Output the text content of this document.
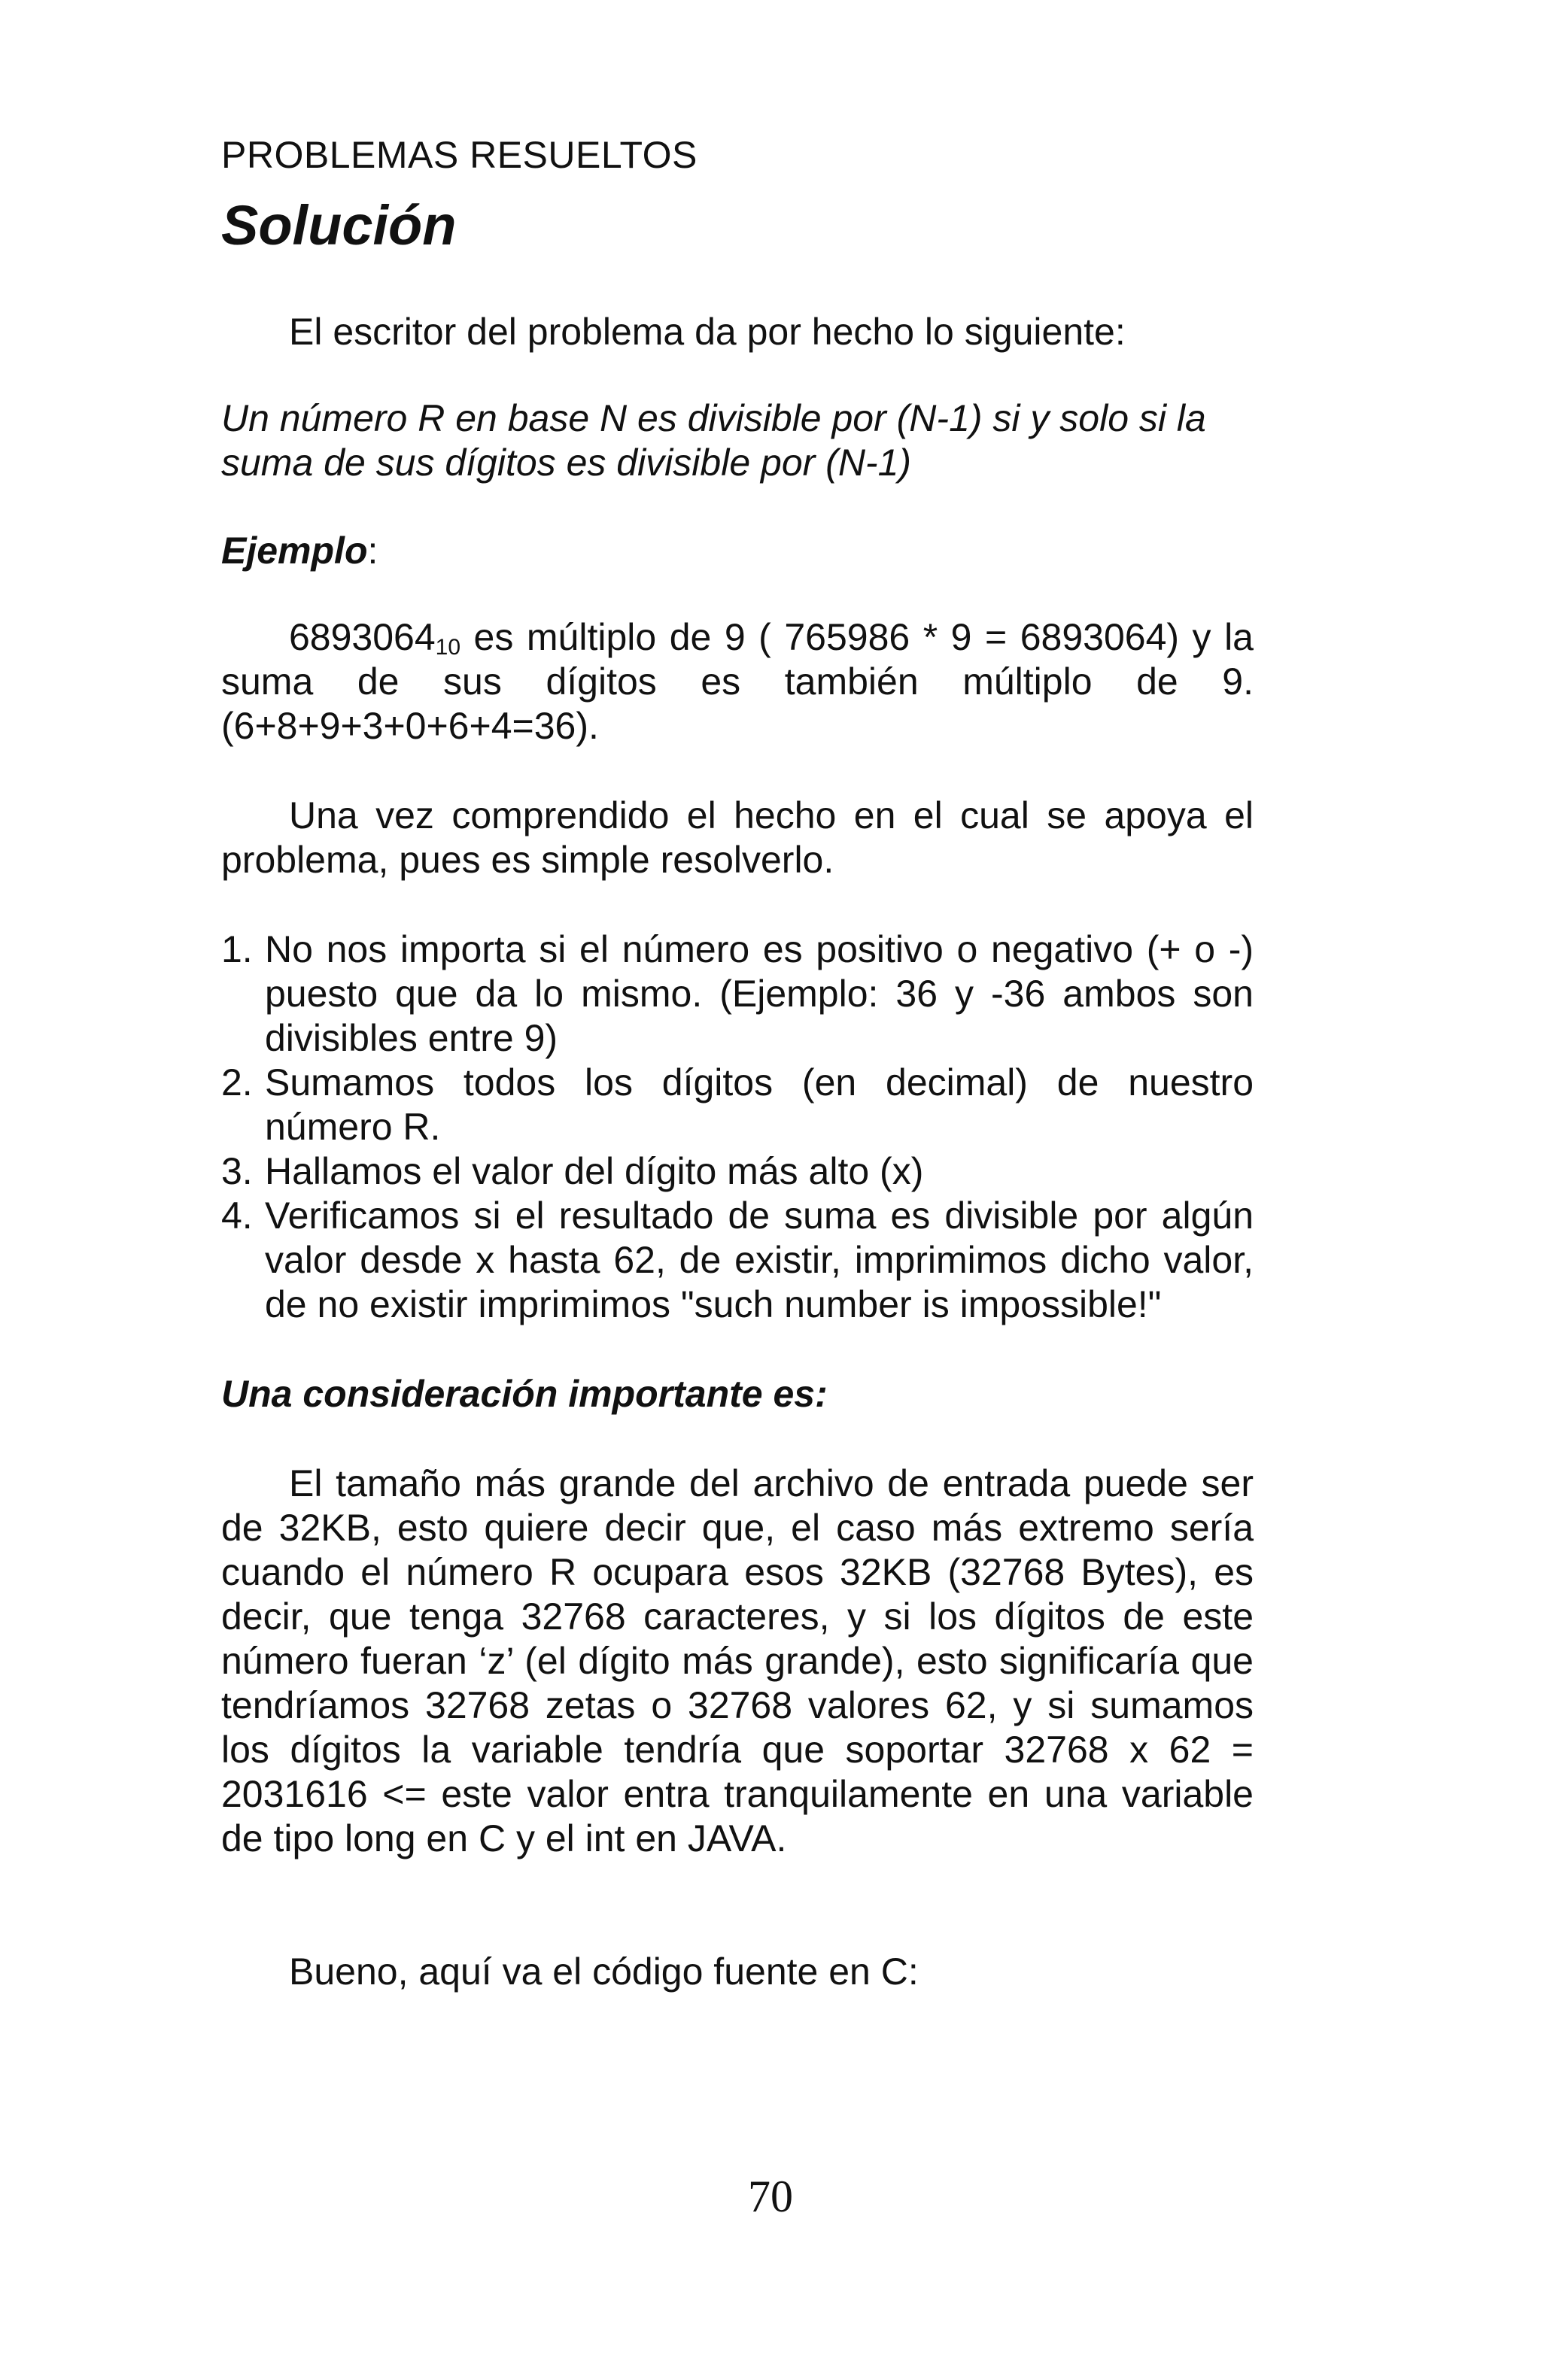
PROBLEMAS RESUELTOS

Solución

El escritor del problema da por hecho lo siguiente:

Un número R en base N es divisible por (N-1) si y solo si la suma de sus dígitos es divisible por (N-1)

Ejemplo:

$6893064_{10}$ es múltiplo de 9 ( 765986 * 9 = 6893064) y la suma de sus dígitos es también múltiplo de 9. (6+8+9+3+0+6+4=36).

Una vez comprendido el hecho en el cual se apoya el problema, pues es simple resolverlo.

1. No nos importa si el número es positivo o negativo (+ o -) puesto que da lo mismo. (Ejemplo: 36 y -36 ambos son divisibles entre 9)
2. Sumamos todos los dígitos (en decimal) de nuestro número R.
3. Hallamos el valor del dígito más alto (x)
4. Verificamos si el resultado de suma es divisible por algún valor desde x hasta 62, de existir, imprimimos dicho valor, de no existir imprimimos "such number is impossible!"

Una consideración importante es:

El tamaño más grande del archivo de entrada puede ser de 32KB, esto quiere decir que, el caso más extremo sería cuando el número R ocupara esos 32KB (32768 Bytes), es decir, que tenga 32768 caracteres, y si los dígitos de este número fueran ‘z’ (el dígito más grande), esto significaría que tendríamos 32768 zetas o 32768 valores 62, y si sumamos los dígitos la variable tendría que soportar 32768 x 62 = 2031616 <= este valor entra tranquilamente en una variable de tipo long en C y el int en JAVA.

Bueno, aquí va el código fuente en C:

70
